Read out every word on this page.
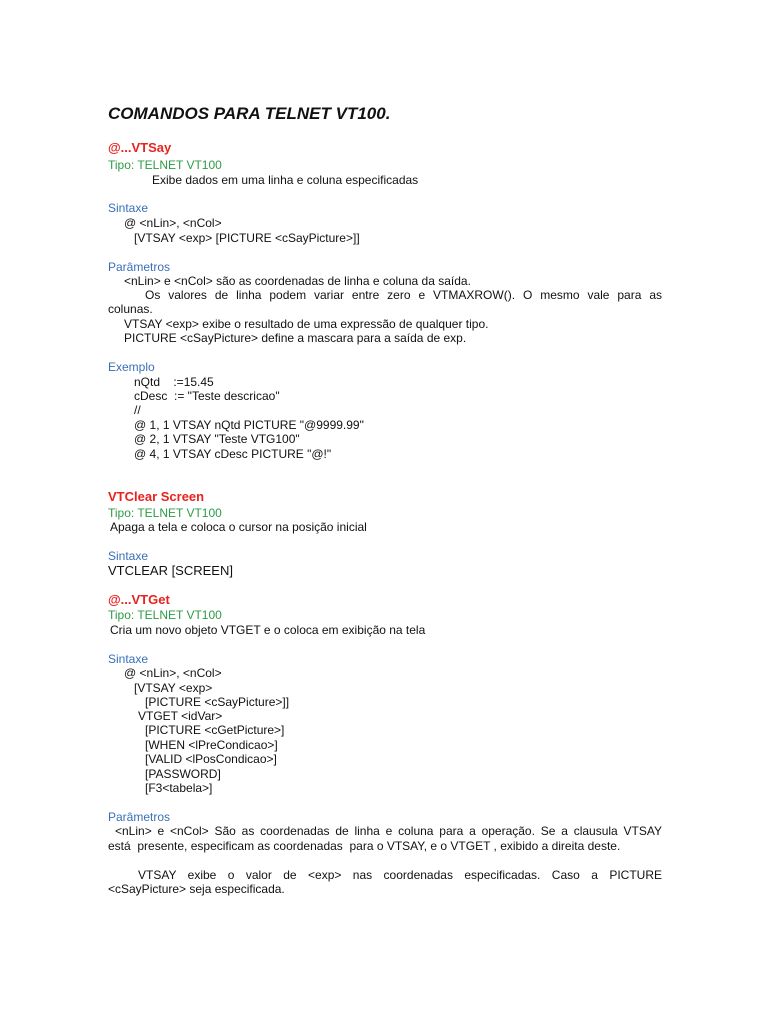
COMANDOS PARA TELNET VT100.
@...VTSay
Tipo: TELNET VT100
Exibe dados em uma linha e coluna especificadas
Sintaxe
@ <nLin>, <nCol>
[VTSAY <exp> [PICTURE <cSayPicture>]]
Parâmetros
<nLin> e <nCol> são as coordenadas de linha e coluna da saída.
Os valores de linha podem variar entre zero e VTMAXROW(). O mesmo vale para as
colunas.
VTSAY <exp> exibe o resultado de uma expressão de qualquer tipo.
PICTURE <cSayPicture> define a mascara para a saída de exp.
Exemplo
nQtd    :=15.45
cDesc  := "Teste descricao"
//
@ 1, 1 VTSAY nQtd PICTURE "@9999.99"
@ 2, 1 VTSAY "Teste VTG100"
@ 4, 1 VTSAY cDesc PICTURE "@!"
VTClear Screen
Tipo: TELNET VT100
Apaga a tela e coloca o cursor na posição inicial
Sintaxe
VTCLEAR [SCREEN]
@...VTGet
Tipo: TELNET VT100
Cria um novo objeto VTGET e o coloca em exibição na tela
Sintaxe
@ <nLin>, <nCol>
[VTSAY <exp>
[PICTURE <cSayPicture>]]
VTGET <idVar>
[PICTURE <cGetPicture>]
[WHEN <lPreCondicao>]
[VALID <lPosCondicao>]
[PASSWORD]
[F3<tabela>]
Parâmetros
<nLin> e <nCol> São as coordenadas de linha e coluna para a operação. Se a clausula VTSAY
está  presente, especificam as coordenadas  para o VTSAY, e o VTGET , exibido a direita deste.
VTSAY exibe o valor de <exp> nas coordenadas especificadas. Caso a PICTURE
<cSayPicture> seja especificada.
